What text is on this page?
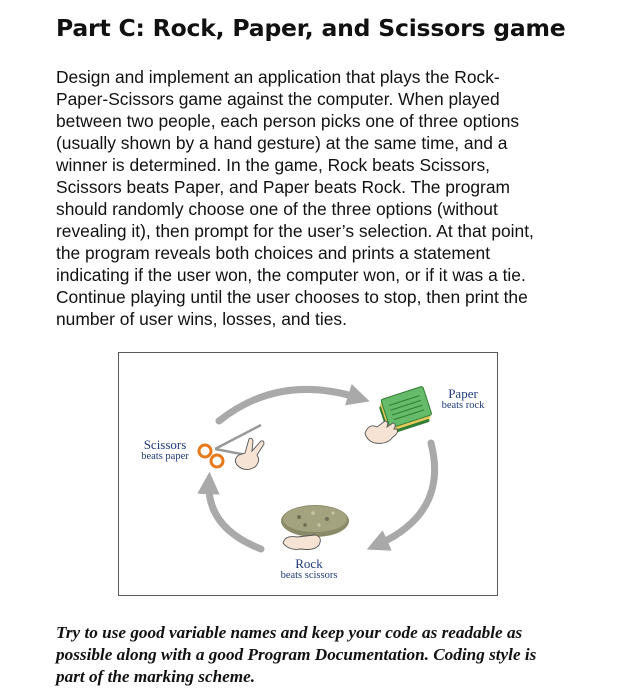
Part C: Rock, Paper, and Scissors game

Design and implement an application that plays the Rock-
Paper-Scissors game against the computer. When played
between two people, each person picks one of three options
(usually shown by a hand gesture) at the same time, and a
winner is determined. In the game, Rock beats Scissors,
Scissors beats Paper, and Paper beats Rock. The program
should randomly choose one of the three options (without
revealing it), then prompt for the user’s selection. At that point,
the program reveals both choices and prints a statement
indicating if the user won, the computer won, or if it was a tie.
Continue playing until the user chooses to stop, then print the
number of user wins, losses, and ties.

Paper
beats rock
Scissors
beats paper
Rock
beats scissors

Try to use good variable names and keep your code as readable as
possible along with a good Program Documentation. Coding style is
part of the marking scheme.
